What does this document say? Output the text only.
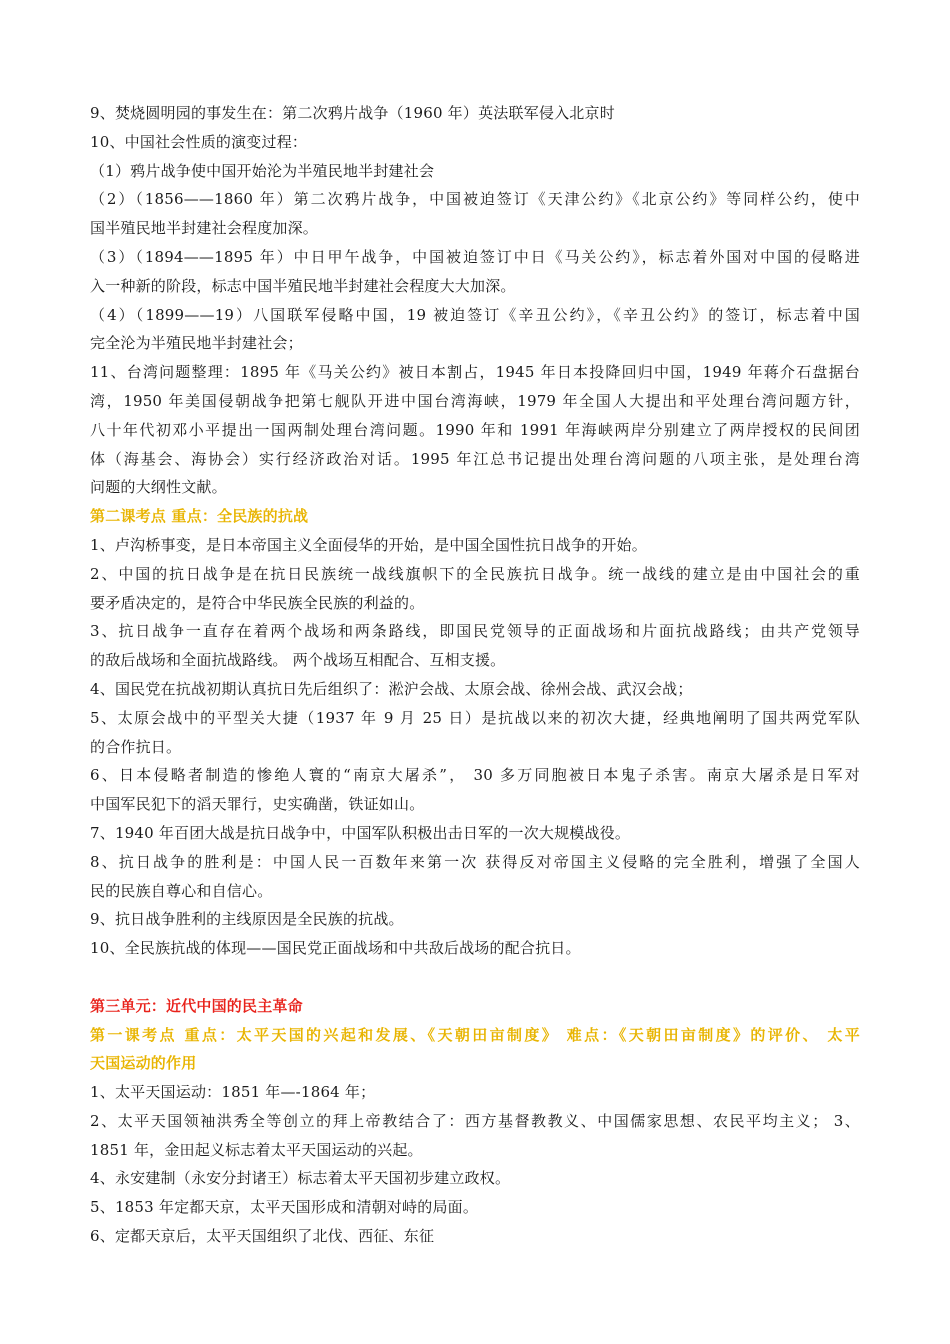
9、焚烧圆明园的事发生在：第二次鸦片战争（1960 年）英法联军侵入北京时
10、中国社会性质的演变过程：
（1）鸦片战争使中国开始沦为半殖民地半封建社会
（2）（1856——1860 年）第二次鸦片战争，中国被迫签订《天津公约》《北京公约》等同样公约，使中
国半殖民地半封建社会程度加深。
（3）（1894——1895 年）中日甲午战争，中国被迫签订中日《马关公约》，标志着外国对中国的侵略进
入一种新的阶段，标志中国半殖民地半封建社会程度大大加深。
（4）（1899——19）八国联军侵略中国，19 被迫签订《辛丑公约》，《辛丑公约》的签订，标志着中国
完全沦为半殖民地半封建社会；
11、台湾问题整理：1895 年《马关公约》被日本割占，1945 年日本投降回归中国，1949 年蒋介石盘据台
湾，1950 年美国侵朝战争把第七舰队开进中国台湾海峡，1979 年全国人大提出和平处理台湾问题方针，
八十年代初邓小平提出一国两制处理台湾问题。1990 年和 1991 年海峡两岸分别建立了两岸授权的民间团
体（海基会、海协会）实行经济政治对话。1995 年江总书记提出处理台湾问题的八项主张，是处理台湾
问题的大纲性文献。
第二课考点 重点：全民族的抗战
1、卢沟桥事变，是日本帝国主义全面侵华的开始，是中国全国性抗日战争的开始。
2、中国的抗日战争是在抗日民族统一战线旗帜下的全民族抗日战争。统一战线的建立是由中国社会的重
要矛盾决定的，是符合中华民族全民族的利益的。
3、抗日战争一直存在着两个战场和两条路线，即国民党领导的正面战场和片面抗战路线；由共产党领导
的敌后战场和全面抗战路线。 两个战场互相配合、互相支援。
4、国民党在抗战初期认真抗日先后组织了：淞沪会战、太原会战、徐州会战、武汉会战；
5、太原会战中的平型关大捷（1937 年 9 月 25 日）是抗战以来的初次大捷，经典地阐明了国共两党军队
的合作抗日。
6、日本侵略者制造的惨绝人寰的“南京大屠杀”， 30 多万同胞被日本鬼子杀害。南京大屠杀是日军对
中国军民犯下的滔天罪行，史实确凿，铁证如山。
7、1940 年百团大战是抗日战争中，中国军队积极出击日军的一次大规模战役。
8、抗日战争的胜利是：中国人民一百数年来第一次 获得反对帝国主义侵略的完全胜利，增强了全国人
民的民族自尊心和自信心。
9、抗日战争胜利的主线原因是全民族的抗战。
10、全民族抗战的体现——国民党正面战场和中共敌后战场的配合抗日。
第三单元：近代中国的民主革命
第一课考点 重点：太平天国的兴起和发展、《天朝田亩制度》 难点：《天朝田亩制度》的评价、 太平
天国运动的作用
1、太平天国运动：1851 年—-1864 年；
2、太平天国领袖洪秀全等创立的拜上帝教结合了：西方基督教教义、中国儒家思想、农民平均主义； 3、
1851 年，金田起义标志着太平天国运动的兴起。
4、永安建制（永安分封诸王）标志着太平天国初步建立政权。
5、1853 年定都天京，太平天国形成和清朝对峙的局面。
6、定都天京后，太平天国组织了北伐、西征、东征
